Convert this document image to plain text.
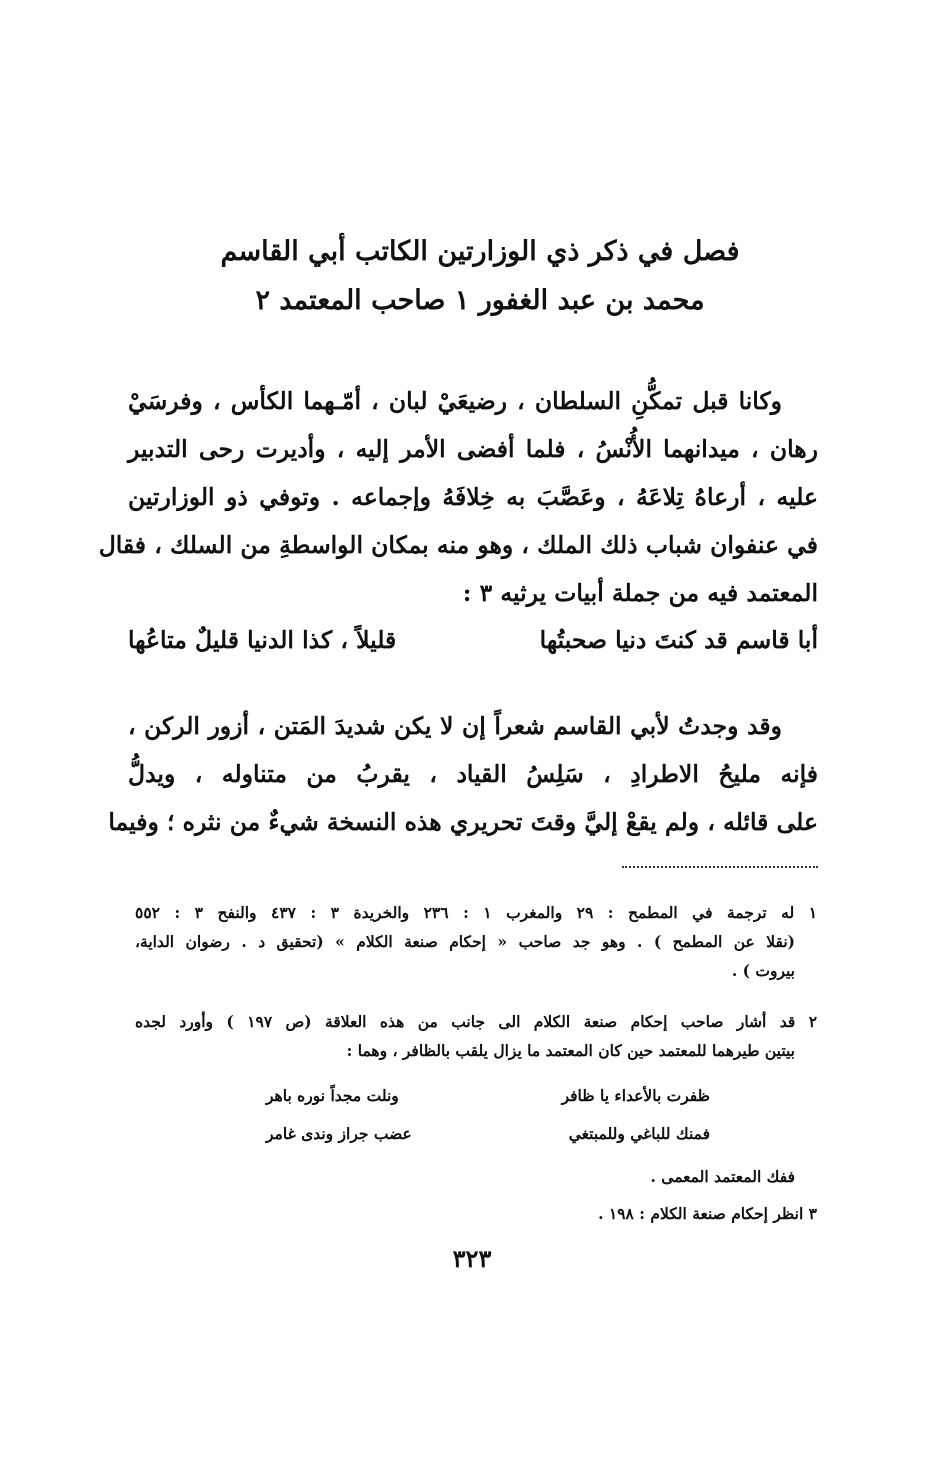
فصل في ذكر ذي الوزارتين الكاتب أبي القاسم
محمد بن عبد الغفور ١ صاحب المعتمد ٢
وكانا قبل تمكُّنِ السلطان ، رضيعَيْ لبان ، أمّـهما الكأس ، وفرسَيْ
رهان ، ميدانهما الأُنْسُ ، فلما أفضى الأمر إليه ، وأديرت رحى التدبير
عليه ، أرعاهُ تِلاعَهُ ، وعَصَّبَ به خِلافَهُ وإجماعه . وتوفي ذو الوزارتين
في عنفوان شباب ذلك الملك ، وهو منه بمكان الواسطةِ من السلك ، فقال
المعتمد فيه من جملة أبيات يرثيه ٣ :
أبا قاسم قد كنتَ دنيا صحبتُها
قليلاً ، كذا الدنيا قليلٌ متاعُها
وقد وجدتُ لأبي القاسم شعراً إن لا يكن شديدَ المَتن ، أزور الركن ،
فإنه مليحُ الاطرادِ ، سَلِسُ القياد ، يقربُ من متناوله ، ويدلُّ
على قائله ، ولم يقعْ إليَّ وقتَ تحريري هذه النسخة شيءٌ من نثره ؛ وفيما
١ له ترجمة في المطمح : ٢٩ والمغرب ١ : ٢٣٦ والخريدة ٣ : ٤٣٧ والنفح ٣ : ٥٥٢
(نقلا عن المطمح ) . وهو جد صاحب « إحكام صنعة الكلام » (تحقيق د . رضوان الداية،
بيروت ) .
٢ قد أشار صاحب إحكام صنعة الكلام الى جانب من هذه العلاقة (ص ١٩٧ ) وأورد لجده
بيتين طيرهما للمعتمد حين كان المعتمد ما يزال يلقب بالظافر ، وهما :
ظفرت بالأعداء يا ظافر
ونلت مجداً نوره باهر
فمنك للباغي وللمبتغي
عضب جراز وندى غامر
ففك المعتمد المعمى .
٣ انظر إحكام صنعة الكلام : ١٩٨ .
٣٢٣
